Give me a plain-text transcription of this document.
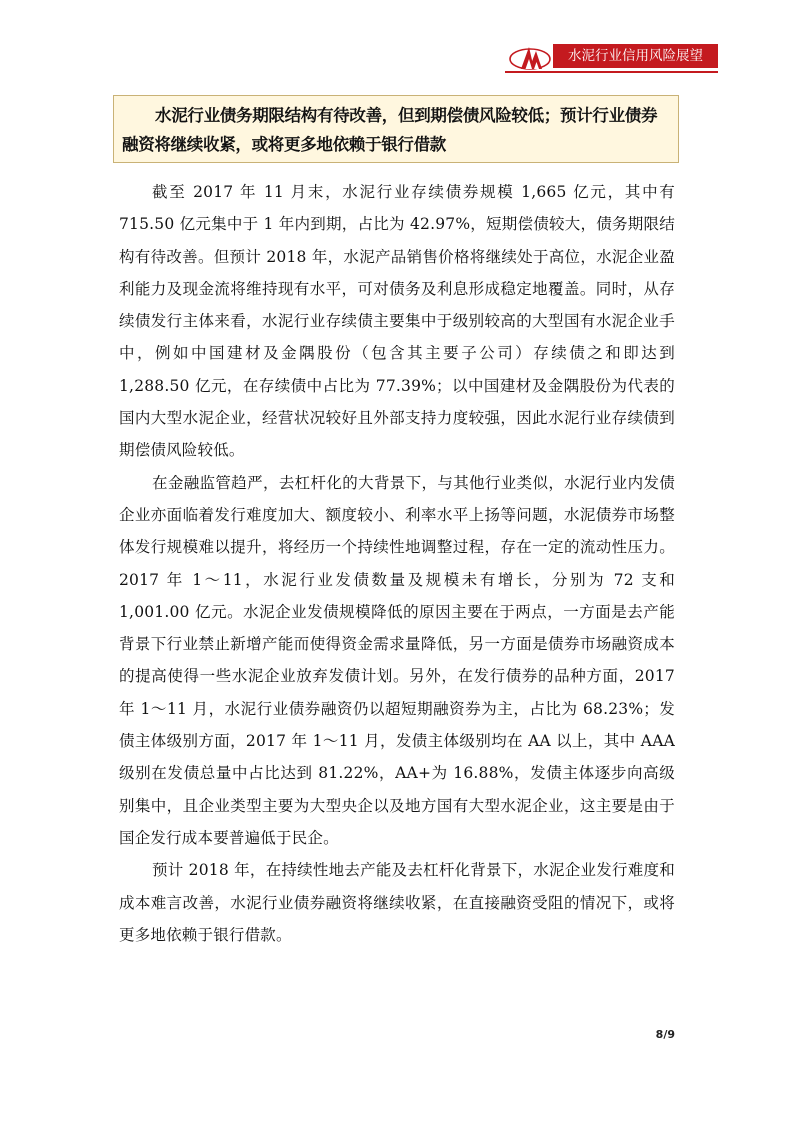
水泥行业信用风险展望

水泥行业债务期限结构有待改善，但到期偿债风险较低；预计行业债券融资将继续收紧，或将更多地依赖于银行借款

截至 2017 年 11 月末，水泥行业存续债券规模 1,665 亿元，其中有 715.50 亿元集中于 1 年内到期，占比为 42.97%，短期偿债较大，债务期限结构有待改善。但预计 2018 年，水泥产品销售价格将继续处于高位，水泥企业盈利能力及现金流将维持现有水平，可对债务及利息形成稳定地覆盖。同时，从存续债发行主体来看，水泥行业存续债主要集中于级别较高的大型国有水泥企业手中，例如中国建材及金隅股份（包含其主要子公司）存续债之和即达到 1,288.50 亿元，在存续债中占比为 77.39%；以中国建材及金隅股份为代表的国内大型水泥企业，经营状况较好且外部支持力度较强，因此水泥行业存续债到期偿债风险较低。

在金融监管趋严，去杠杆化的大背景下，与其他行业类似，水泥行业内发债企业亦面临着发行难度加大、额度较小、利率水平上扬等问题，水泥债券市场整体发行规模难以提升，将经历一个持续性地调整过程，存在一定的流动性压力。2017 年 1～11，水泥行业发债数量及规模未有增长，分别为 72 支和 1,001.00 亿元。水泥企业发债规模降低的原因主要在于两点，一方面是去产能背景下行业禁止新增产能而使得资金需求量降低，另一方面是债券市场融资成本的提高使得一些水泥企业放弃发债计划。另外，在发行债券的品种方面，2017 年 1～11 月，水泥行业债券融资仍以超短期融资券为主，占比为 68.23%；发债主体级别方面，2017 年 1～11 月，发债主体级别均在 AA 以上，其中 AAA 级别在发债总量中占比达到 81.22%，AA+为 16.88%，发债主体逐步向高级别集中，且企业类型主要为大型央企以及地方国有大型水泥企业，这主要是由于国企发行成本要普遍低于民企。

预计 2018 年，在持续性地去产能及去杠杆化背景下，水泥企业发行难度和成本难言改善，水泥行业债券融资将继续收紧，在直接融资受阻的情况下，或将更多地依赖于银行借款。

8/9
